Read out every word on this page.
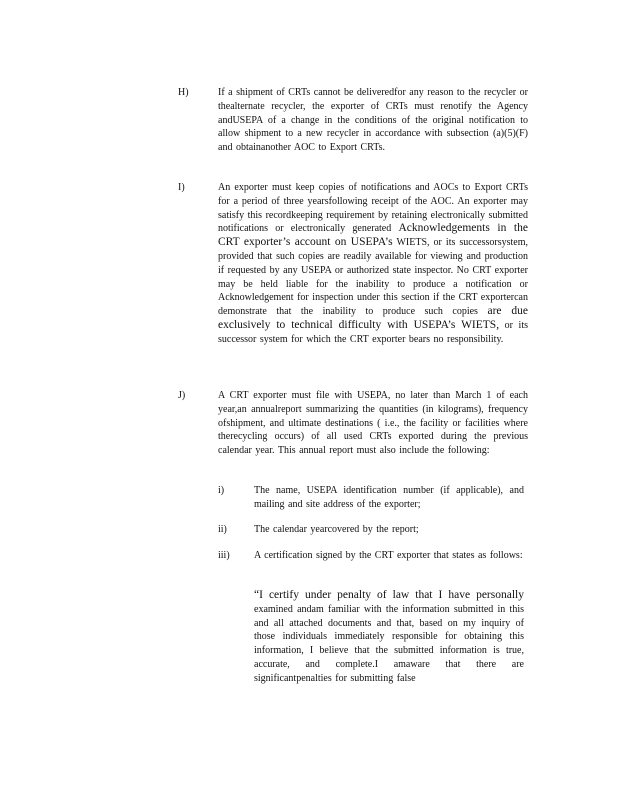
H)	If a shipment of CRTs cannot be deliveredfor any reason to the recycler or thealternate recycler, the exporter of CRTs must renotify the Agency andUSEPA of a change in the conditions of the original notification to allow shipment to a new recycler in accordance with subsection (a)(5)(F) and obtainanother AOC to Export CRTs.
I)	An exporter must keep copies of notifications and AOCs to Export CRTs for a period of three yearsfollowing receipt of the AOC. An exporter may satisfy this recordkeeping requirement by retaining electronically submitted notifications or electronically generated Acknowledgements in the CRT exporter’s account on USEPA’s WIETS, or its successorsystem, provided that such copies are readily available for viewing and production if requested by any USEPA or authorized state inspector. No CRT exporter may be held liable for the inability to produce a notification or Acknowledgement for inspection under this section if the CRT exportercan demonstrate that the inability to produce such copies are due exclusively to technical difficulty with USEPA’s WIETS, or its successor system for which the CRT exporter bears no responsibility.
J)	A CRT exporter must file with USEPA, no later than March 1 of each year,an annualreport summarizing the quantities (in kilograms), frequency ofshipment, and ultimate destinations ( i.e., the facility or facilities where therecycling occurs) of all used CRTs exported during the previous calendar year. This annual report must also include the following:
i)	The name, USEPA identification number (if applicable), and mailing and site address of the exporter;
ii)	The calendar yearcovered by the report;
iii) A certification signed by the CRT exporter that states as follows:
“I certify under penalty of law that I have personally examined andam familiar with the information submitted in this and all attached documents and that, based on my inquiry of those individuals immediately responsible for obtaining this information, I believe that the submitted information is true, accurate, and complete.I amaware that there are significantpenalties for submitting false
